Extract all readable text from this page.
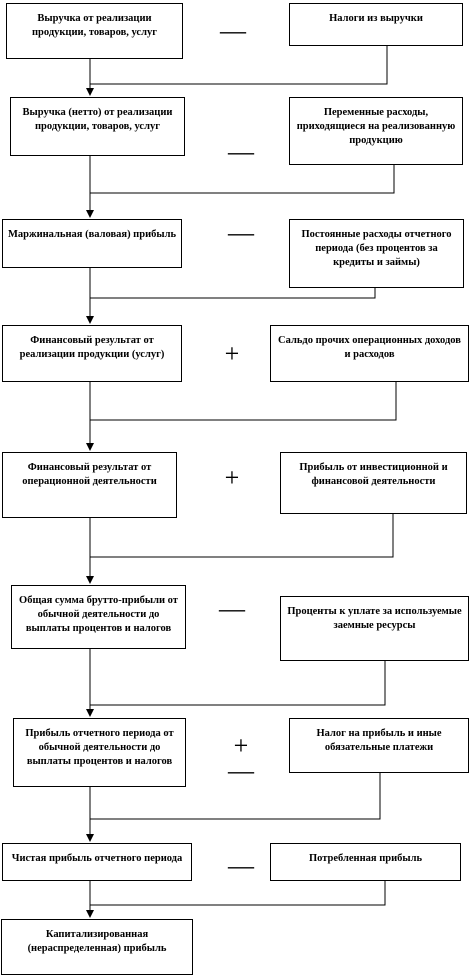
Выручка от реализации продукции, товаров, услуг
Выручка (нетто) от реализации продукции, товаров, услуг
Маржинальная (валовая) прибыль
Финансовый результат от реализации продукции (услуг)
Финансовый результат от операционной деятельности
Общая сумма брутто-прибыли от обычной деятельности до выплаты процентов и налогов
Прибыль отчетного периода от обычной деятельности до выплаты процентов и налогов
Чистая прибыль отчетного периода
Капитализированная (нераспределенная) прибыль
Налоги из выручки
Переменные расходы, приходящиеся на реализованную продукцию
Постоянные расходы отчетного периода (без процентов за кредиты и займы)
Сальдо прочих операционных доходов и расходов
Прибыль от инвестиционной и финансовой деятельности
Проценты к уплате за используемые заемные ресурсы
Налог на прибыль и иные обязательные платежи
Потребленная прибыль
—
—
—
+
+
—
+
—
—
